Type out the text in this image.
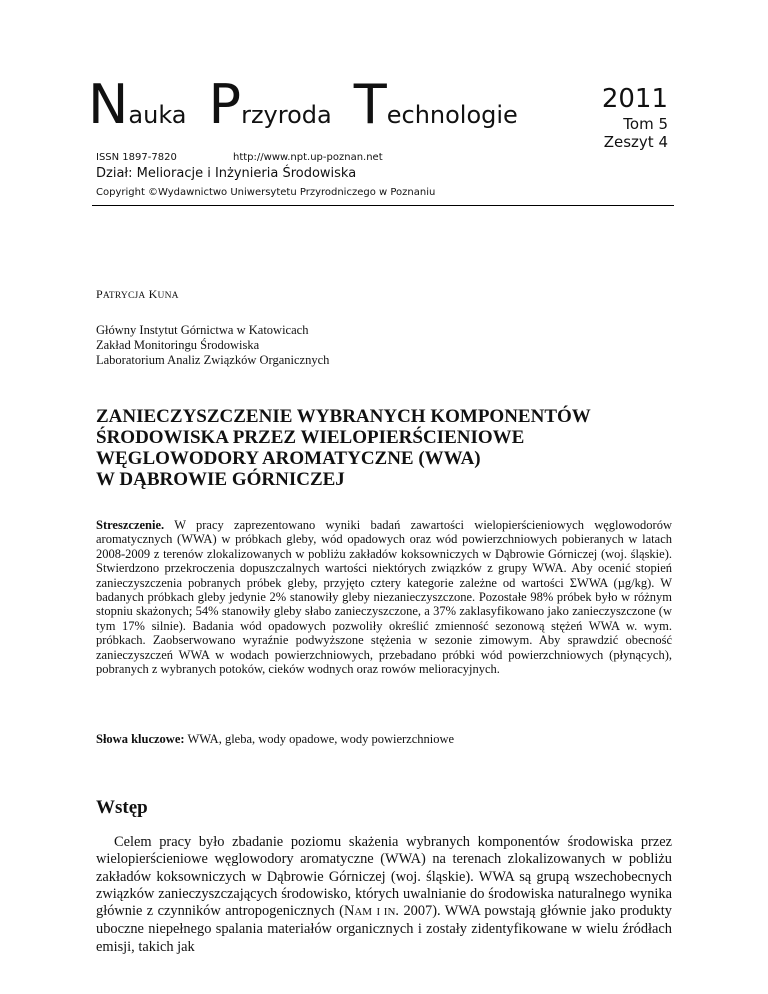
Nauka Przyroda Technologie
2011
Tom 5
Zeszyt 4
ISSN 1897-7820	http://www.npt.up-poznan.net
Dział: Melioracje i Inżynieria Środowiska
Copyright ©Wydawnictwo Uniwersytetu Przyrodniczego w Poznaniu
PATRYCJA KUNA
Główny Instytut Górnictwa w Katowicach
Zakład Monitoringu Środowiska
Laboratorium Analiz Związków Organicznych
ZANIECZYSZCZENIE WYBRANYCH KOMPONENTÓW
ŚRODOWISKA PRZEZ WIELOPIERŚCIENIOWE
WĘGLOWODORY AROMATYCZNE (WWA)
W DĄBROWIE GÓRNICZEJ
Streszczenie. W pracy zaprezentowano wyniki badań zawartości wielopierścieniowych węglowodorów aromatycznych (WWA) w próbkach gleby, wód opadowych oraz wód powierzchniowych pobieranych w latach 2008-2009 z terenów zlokalizowanych w pobliżu zakładów koksowniczych w Dąbrowie Górniczej (woj. śląskie). Stwierdzono przekroczenia dopuszczalnych wartości niektórych związków z grupy WWA. Aby ocenić stopień zanieczyszczenia pobranych próbek gleby, przyjęto cztery kategorie zależne od wartości ΣWWA (µg/kg). W badanych próbkach gleby jedynie 2% stanowiły gleby niezanieczyszczone. Pozostałe 98% próbek było w różnym stopniu skażonych; 54% stanowiły gleby słabo zanieczyszczone, a 37% zaklasyfikowano jako zanieczyszczone (w tym 17% silnie). Badania wód opadowych pozwoliły określić zmienność sezonową stężeń WWA w. wym. próbkach. Zaobserwowano wyraźnie podwyższone stężenia w sezonie zimowym. Aby sprawdzić obecność zanieczyszczeń WWA w wodach powierzchniowych, przebadano próbki wód powierzchniowych (płynących), pobranych z wybranych potoków, cieków wodnych oraz rowów melioracyjnych.
Słowa kluczowe: WWA, gleba, wody opadowe, wody powierzchniowe
Wstęp
Celem pracy było zbadanie poziomu skażenia wybranych komponentów środowiska przez wielopierścieniowe węglowodory aromatyczne (WWA) na terenach zlokalizowanych w pobliżu zakładów koksowniczych w Dąbrowie Górniczej (woj. śląskie). WWA są grupą wszechobecnych związków zanieczyszczających środowisko, których uwalnianie do środowiska naturalnego wynika głównie z czynników antropogenicznych (NAM I IN. 2007). WWA powstają głównie jako produkty uboczne niepełnego spalania materiałów organicznych i zostały zidentyfikowane w wielu źródłach emisji, takich jak
